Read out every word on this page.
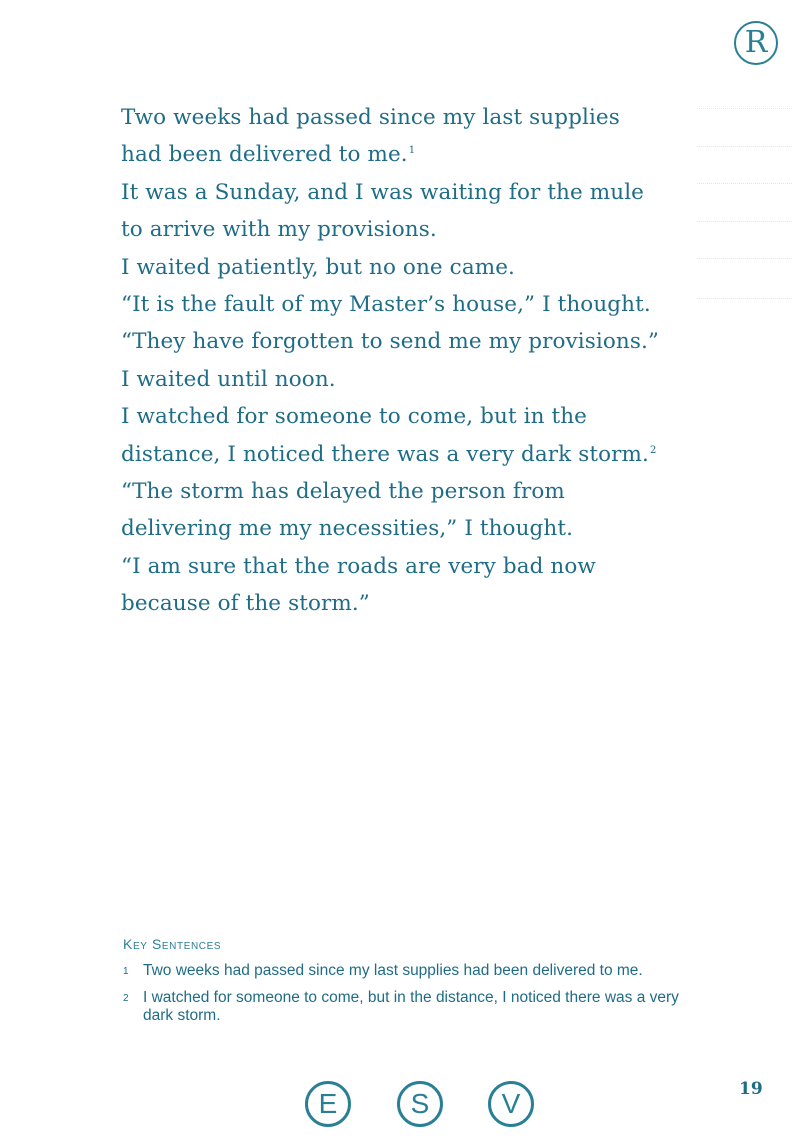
R
Two weeks had passed since my last supplies
had been delivered to me.$^1$
It was a Sunday, and I was waiting for the mule
to arrive with my provisions.
I waited patiently, but no one came.
“It is the fault of my Master’s house,” I thought.
“They have forgotten to send me my provisions.”
I waited until noon.
I watched for someone to come, but in the
distance, I noticed there was a very dark storm.$^2$
“The storm has delayed the person from
delivering me my necessities,” I thought.
“I am sure that the roads are very bad now
because of the storm.”
Key Sentences
1 Two weeks had passed since my last supplies had been delivered to me.
2 I watched for someone to come, but in the distance, I noticed there was a very dark storm.
E	S	V	19
